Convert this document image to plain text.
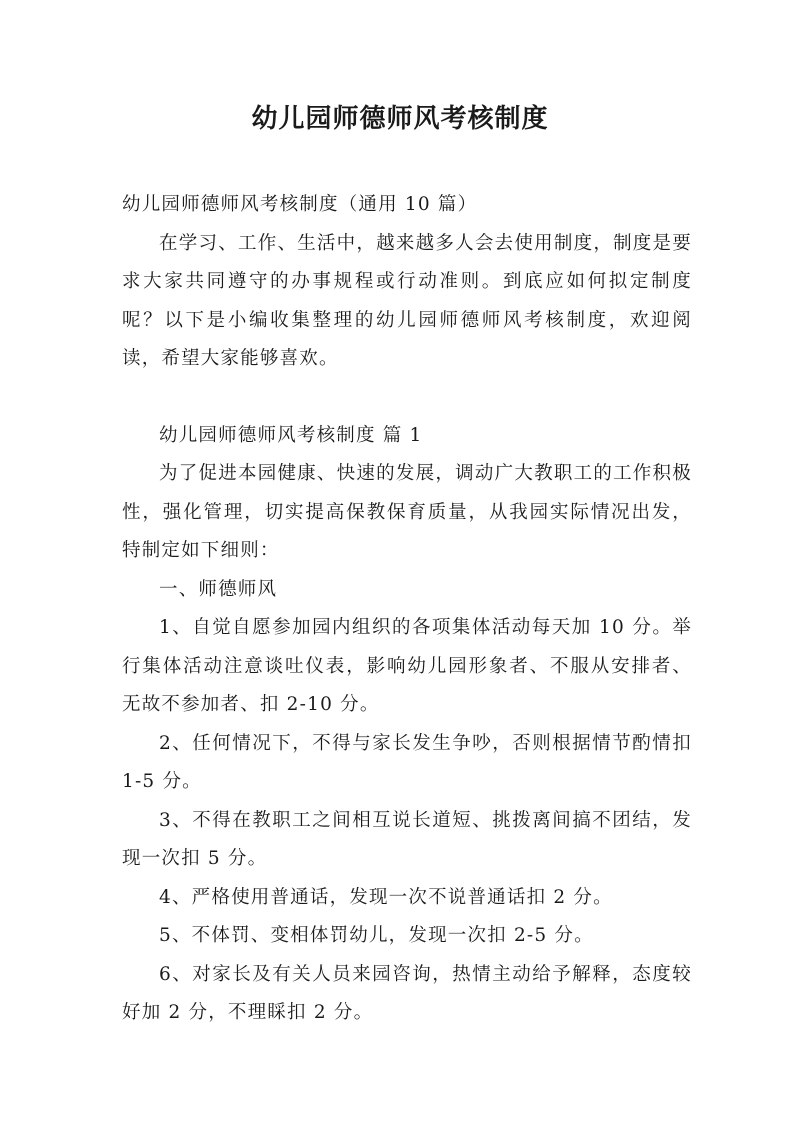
幼儿园师德师风考核制度

幼儿园师德师风考核制度（通用 10 篇）

在学习、工作、生活中，越来越多人会去使用制度，制度是要求大家共同遵守的办事规程或行动准则。到底应如何拟定制度呢？以下是小编收集整理的幼儿园师德师风考核制度，欢迎阅读，希望大家能够喜欢。

幼儿园师德师风考核制度 篇 1

为了促进本园健康、快速的发展，调动广大教职工的工作积极性，强化管理，切实提高保教保育质量，从我园实际情况出发，特制定如下细则：

一、师德师风

1、自觉自愿参加园内组织的各项集体活动每天加 10 分。举行集体活动注意谈吐仪表，影响幼儿园形象者、不服从安排者、无故不参加者、扣 2-10 分。

2、任何情况下，不得与家长发生争吵，否则根据情节酌情扣 1-5 分。

3、不得在教职工之间相互说长道短、挑拨离间搞不团结，发现一次扣 5 分。

4、严格使用普通话，发现一次不说普通话扣 2 分。

5、不体罚、变相体罚幼儿，发现一次扣 2-5 分。

6、对家长及有关人员来园咨询，热情主动给予解释，态度较好加 2 分，不理睬扣 2 分。
